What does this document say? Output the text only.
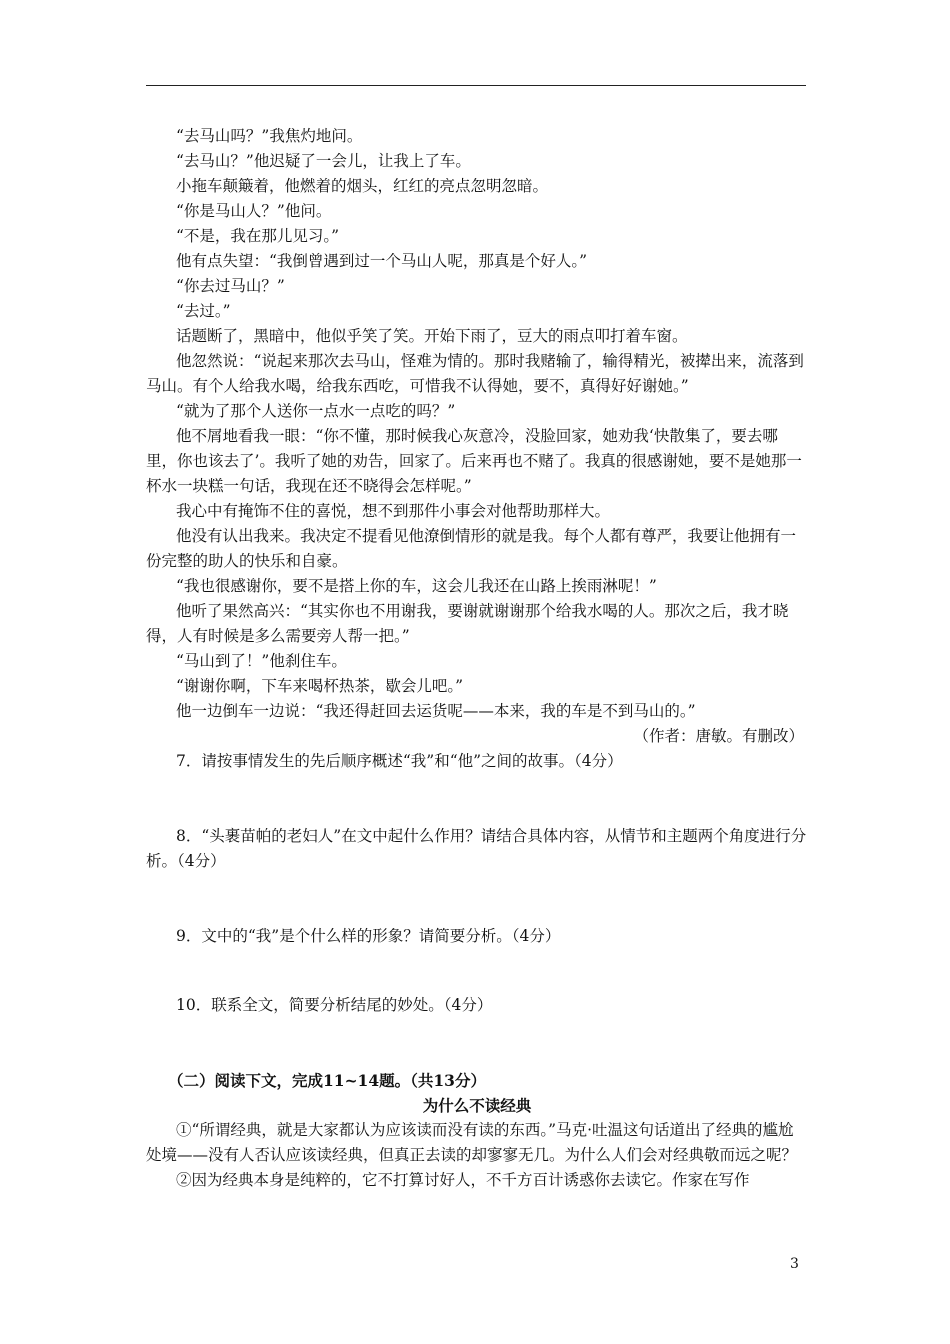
“去马山吗？”我焦灼地问。

“去马山？”他迟疑了一会儿，让我上了车。

小拖车颠簸着，他燃着的烟头，红红的亮点忽明忽暗。

“你是马山人？”他问。

“不是，我在那儿见习。”

他有点失望：“我倒曾遇到过一个马山人呢，那真是个好人。”

“你去过马山？”

“去过。”

话题断了，黑暗中，他似乎笑了笑。开始下雨了，豆大的雨点叩打着车窗。

他忽然说：“说起来那次去马山，怪难为情的。那时我赌输了，输得精光，被撵出来，流落到马山。有个人给我水喝，给我东西吃，可惜我不认得她，要不，真得好好谢她。”

“就为了那个人送你一点水一点吃的吗？”

他不屑地看我一眼：“你不懂，那时候我心灰意冷，没脸回家，她劝我‘快散集了，要去哪里，你也该去了’。我听了她的劝告，回家了。后来再也不赌了。我真的很感谢她，要不是她那一杯水一块糕一句话，我现在还不晓得会怎样呢。”

我心中有掩饰不住的喜悦，想不到那件小事会对他帮助那样大。

他没有认出我来。我决定不提看见他潦倒情形的就是我。每个人都有尊严，我要让他拥有一份完整的助人的快乐和自豪。

“我也很感谢你，要不是搭上你的车，这会儿我还在山路上挨雨淋呢！”

他听了果然高兴：“其实你也不用谢我，要谢就谢谢那个给我水喝的人。那次之后，我才晓得，人有时候是多么需要旁人帮一把。”

“马山到了！”他刹住车。

“谢谢你啊，下车来喝杯热茶，歇会儿吧。”

他一边倒车一边说：“我还得赶回去运货呢——本来，我的车是不到马山的。”

（作者：唐敏。有删改）

7．请按事情发生的先后顺序概述“我”和“他”之间的故事。（4分）

8．“头裹苗帕的老妇人”在文中起什么作用？请结合具体内容，从情节和主题两个角度进行分析。（4分）

9．文中的“我”是个什么样的形象？请简要分析。（4分）

10．联系全文，简要分析结尾的妙处。（4分）

（二）阅读下文，完成11~14题。（共13分）

为什么不读经典

①“所谓经典，就是大家都认为应该读而没有读的东西。”马克·吐温这句话道出了经典的尴尬处境——没有人否认应该读经典，但真正去读的却寥寥无几。为什么人们会对经典敬而远之呢？

②因为经典本身是纯粹的，它不打算讨好人，不千方百计诱惑你去读它。作家在写作

3
